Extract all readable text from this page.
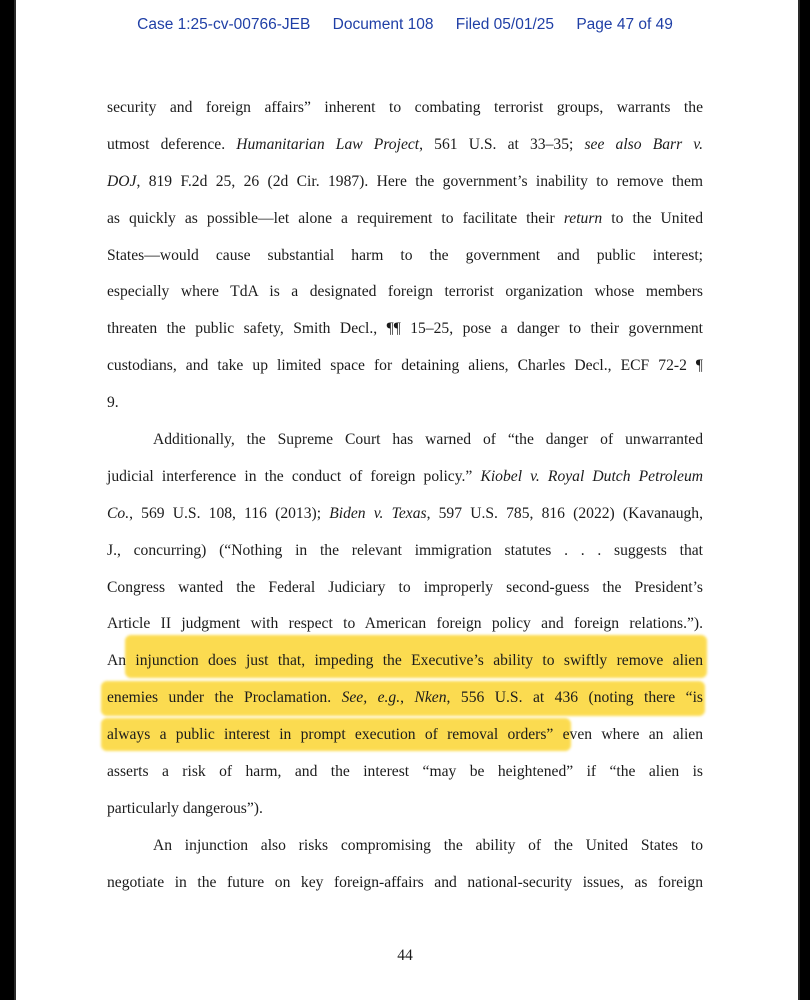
Case 1:25-cv-00766-JEB Document 108 Filed 05/01/25 Page 47 of 49
security and foreign affairs” inherent to combating terrorist groups, warrants the
utmost deference. Humanitarian Law Project, 561 U.S. at 33–35; see also Barr v.
DOJ, 819 F.2d 25, 26 (2d Cir. 1987). Here the government’s inability to remove them
as quickly as possible—let alone a requirement to facilitate their return to the United
States—would cause substantial harm to the government and public interest;
especially where TdA is a designated foreign terrorist organization whose members
threaten the public safety, Smith Decl., ¶¶ 15–25, pose a danger to their government
custodians, and take up limited space for detaining aliens, Charles Decl., ECF 72-2 ¶
9.
Additionally, the Supreme Court has warned of “the danger of unwarranted
judicial interference in the conduct of foreign policy.” Kiobel v. Royal Dutch Petroleum
Co., 569 U.S. 108, 116 (2013); Biden v. Texas, 597 U.S. 785, 816 (2022) (Kavanaugh,
J., concurring) (“Nothing in the relevant immigration statutes . . . suggests that
Congress wanted the Federal Judiciary to improperly second-guess the President’s
Article II judgment with respect to American foreign policy and foreign relations.”).
An injunction does just that, impeding the Executive’s ability to swiftly remove alien
enemies under the Proclamation. See, e.g., Nken, 556 U.S. at 436 (noting there “is
always a public interest in prompt execution of removal orders” even where an alien
asserts a risk of harm, and the interest “may be heightened” if “the alien is
particularly dangerous”).
An injunction also risks compromising the ability of the United States to
negotiate in the future on key foreign-affairs and national-security issues, as foreign
44
